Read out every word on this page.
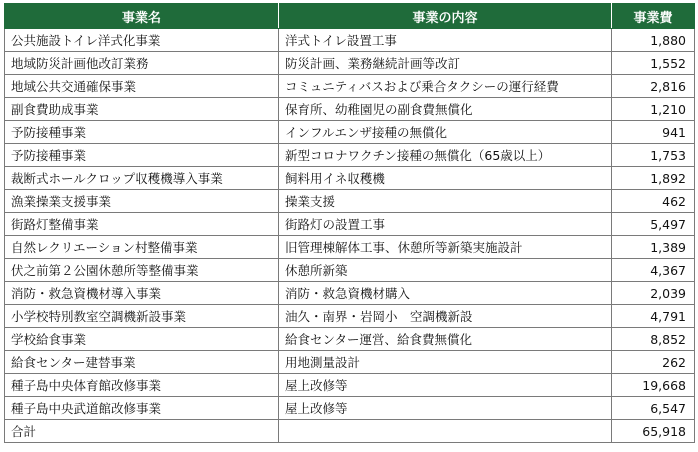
事業名	事業の内容	事業費
公共施設トイレ洋式化事業	洋式トイレ設置工事	1,880
地域防災計画他改訂業務	防災計画、業務継続計画等改訂	1,552
地域公共交通確保事業	コミュニティバスおよび乗合タクシーの運行経費	2,816
副食費助成事業	保育所、幼稚園児の副食費無償化	1,210
予防接種事業	インフルエンザ接種の無償化	941
予防接種事業	新型コロナワクチン接種の無償化（65歳以上）	1,753
裁断式ホールクロップ収穫機導入事業	飼料用イネ収穫機	1,892
漁業操業支援事業	操業支援	462
街路灯整備事業	街路灯の設置工事	5,497
自然レクリエーション村整備事業	旧管理棟解体工事、休憩所等新築実施設計	1,389
伏之前第２公園休憩所等整備事業	休憩所新築	4,367
消防・救急資機材導入事業	消防・救急資機材購入	2,039
小学校特別教室空調機新設事業	油久・南界・岩岡小　空調機新設	4,791
学校給食事業	給食センター運営、給食費無償化	8,852
給食センター建替事業	用地測量設計	262
種子島中央体育館改修事業	屋上改修等	19,668
種子島中央武道館改修事業	屋上改修等	6,547
合計		65,918
